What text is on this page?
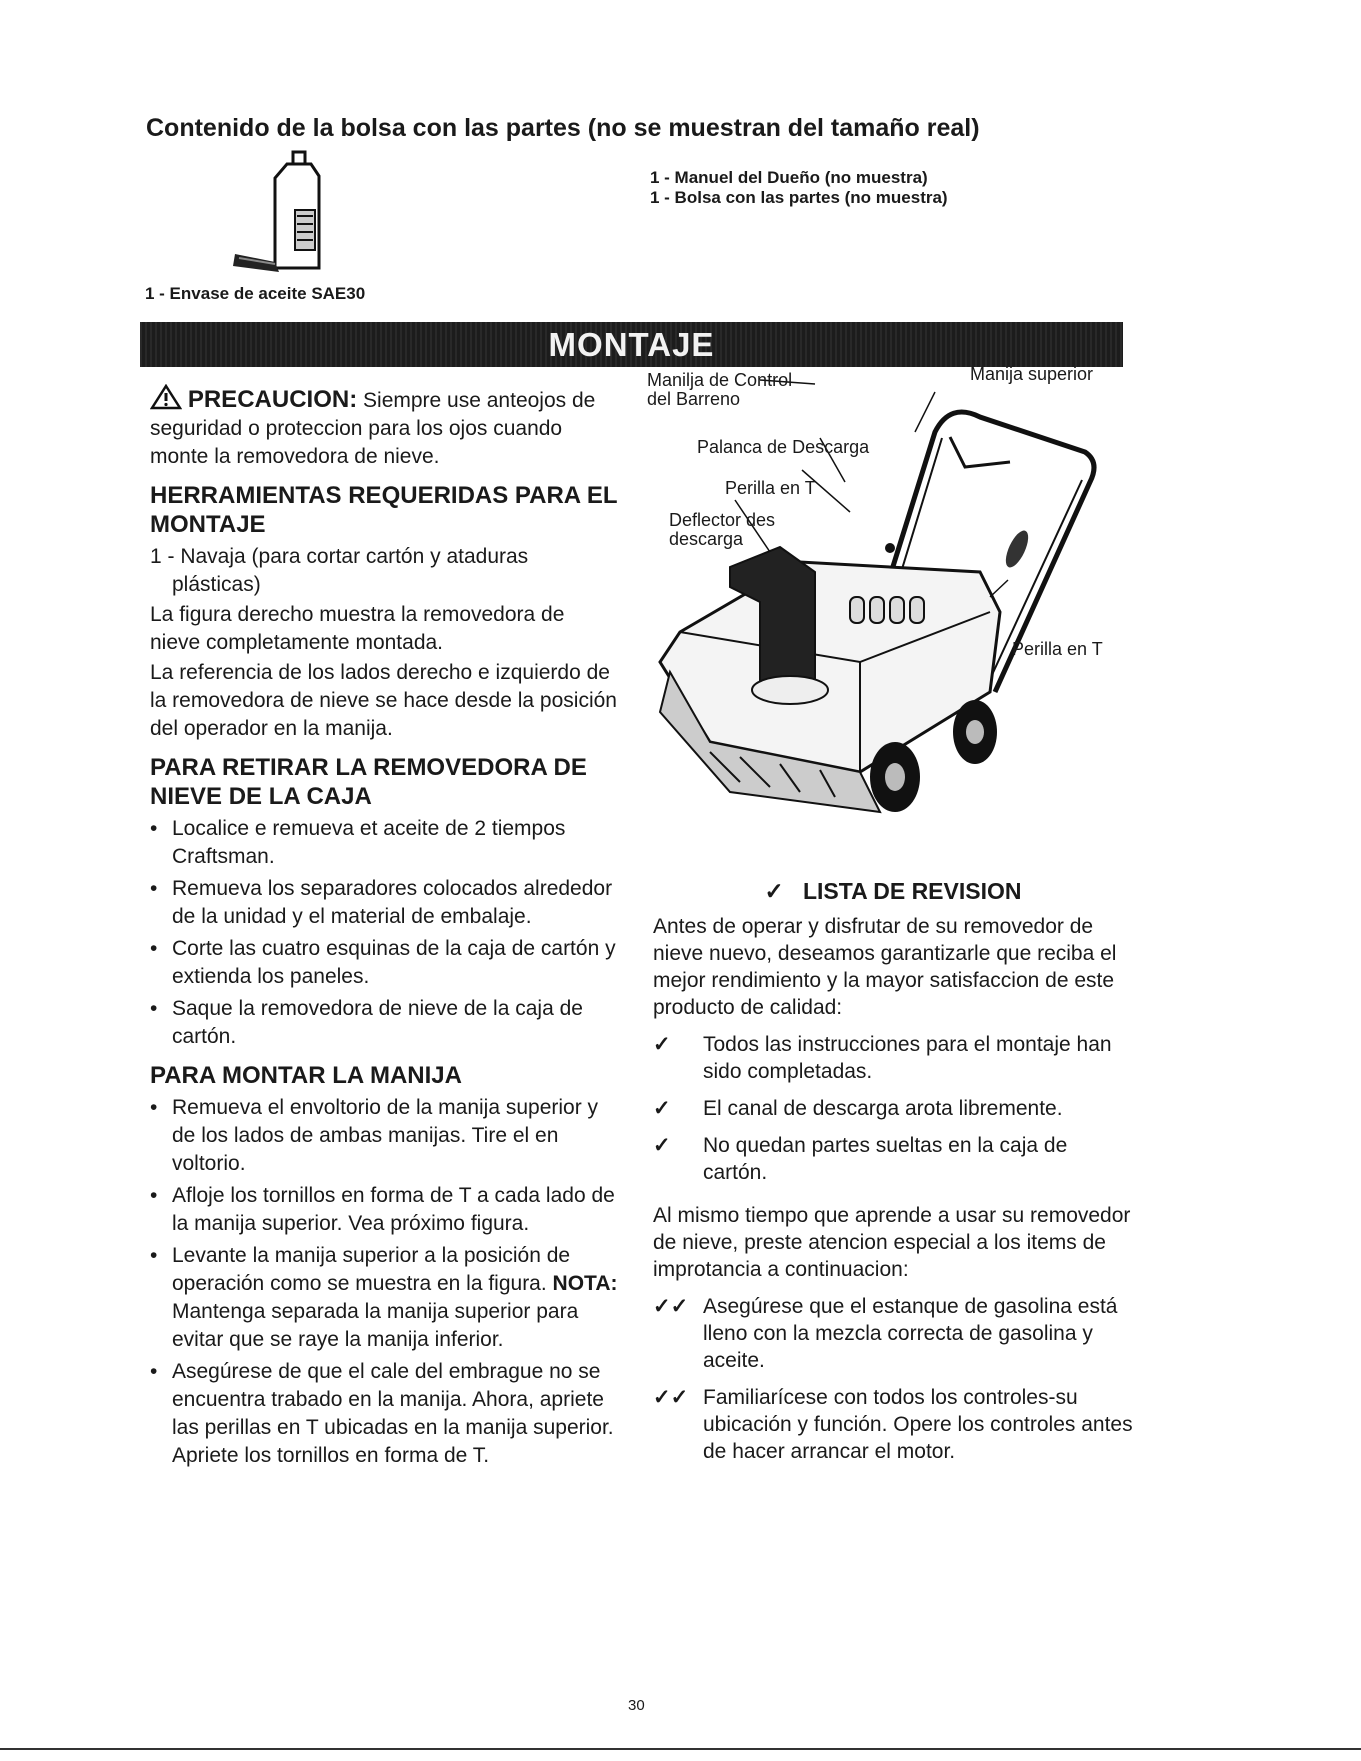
Contenido de la bolsa con las partes (no se muestran del tamaño real)
1 - Manuel del Dueño (no muestra)
1 - Bolsa con las partes (no muestra)
1 - Envase de aceite SAE30
MONTAJE

PRECAUCION: Siempre use anteojos de seguridad o proteccion para los ojos cuando monte la removedora de nieve.

HERRAMIENTAS REQUERIDAS PARA EL MONTAJE

1 - Navaja (para cortar cartón y ataduras plásticas)

La figura derecho muestra la removedora de nieve completamente montada.

La referencia de los lados derecho e izquierdo de la removedora de nieve se hace desde la posición del operador en la manija.

PARA RETIRAR LA REMOVEDORA DE NIEVE DE LA CAJA
• Localice e remueva et aceite de 2 tiempos Craftsman.
• Remueva los separadores colocados alrededor de la unidad y el material de embalaje.
• Corte las cuatro esquinas de la caja de cartón y extienda los paneles.
• Saque la removedora de nieve de la caja de cartón.
PARA MONTAR LA MANIJA
• Remueva el envoltorio de la manija superior y de los lados de ambas manijas. Tire el en voltorio.
• Afloje los tornillos en forma de T a cada lado de la manija superior. Vea próximo figura.
• Levante la manija superior a la posición de operación como se muestra en la figura. NOTA: Mantenga separada la manija superior para evitar que se raye la manija inferior.
• Asegúrese de que el cale del embrague no se encuentra trabado en la manija. Ahora, apriete las perillas en T ubicadas en la manija superior. Apriete los tornillos en forma de T.
Manilja de Control del Barreno
Manija superior
Palanca de Descarga
Perilla en T
Deflector des descarga
Perilla en T
✓ LISTA DE REVISION

Antes de operar y disfrutar de su removedor de nieve nuevo, deseamos garantizarle que reciba el mejor rendimiento y la mayor satisfaccion de este producto de calidad:

✓ Todos las instrucciones para el montaje han sido completadas.
✓ El canal de descarga arota libremente.
✓ No quedan partes sueltas en la caja de cartón.

Al mismo tiempo que aprende a usar su removedor de nieve, preste atencion especial a los items de improtancia a continuacion:

✓✓ Asegúrese que el estanque de gasolina está lleno con la mezcla correcta de gasolina y aceite.
✓✓ Familiarícese con todos los controles-su ubicación y función. Opere los controles antes de hacer arrancar el motor.
30
